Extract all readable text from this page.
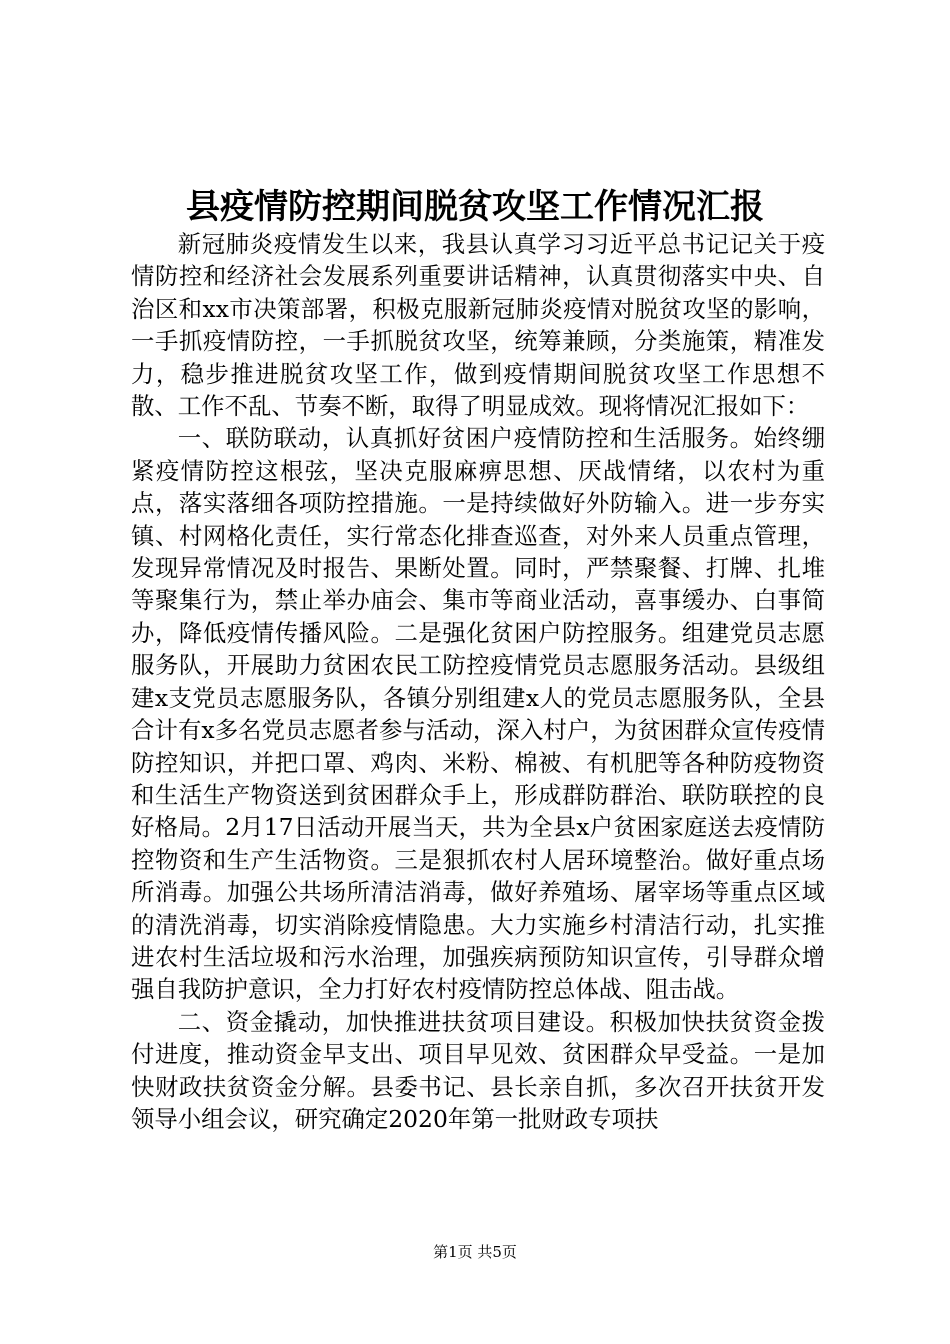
县疫情防控期间脱贫攻坚工作情况汇报

新冠肺炎疫情发生以来，我县认真学习习近平总书记记关于疫情防控和经济社会发展系列重要讲话精神，认真贯彻落实中央、自治区和xx市决策部署，积极克服新冠肺炎疫情对脱贫攻坚的影响，一手抓疫情防控，一手抓脱贫攻坚，统筹兼顾，分类施策，精准发力，稳步推进脱贫攻坚工作，做到疫情期间脱贫攻坚工作思想不散、工作不乱、节奏不断，取得了明显成效。现将情况汇报如下：

一、联防联动，认真抓好贫困户疫情防控和生活服务。始终绷紧疫情防控这根弦，坚决克服麻痹思想、厌战情绪，以农村为重点，落实落细各项防控措施。一是持续做好外防输入。进一步夯实镇、村网格化责任，实行常态化排查巡查，对外来人员重点管理，发现异常情况及时报告、果断处置。同时，严禁聚餐、打牌、扎堆等聚集行为，禁止举办庙会、集市等商业活动，喜事缓办、白事简办，降低疫情传播风险。二是强化贫困户防控服务。组建党员志愿服务队，开展助力贫困农民工防控疫情党员志愿服务活动。县级组建x支党员志愿服务队，各镇分别组建x人的党员志愿服务队，全县合计有x多名党员志愿者参与活动，深入村户，为贫困群众宣传疫情防控知识，并把口罩、鸡肉、米粉、棉被、有机肥等各种防疫物资和生活生产物资送到贫困群众手上，形成群防群治、联防联控的良好格局。2月17日活动开展当天，共为全县x户贫困家庭送去疫情防控物资和生产生活物资。三是狠抓农村人居环境整治。做好重点场所消毒。加强公共场所清洁消毒，做好养殖场、屠宰场等重点区域的清洗消毒，切实消除疫情隐患。大力实施乡村清洁行动，扎实推进农村生活垃圾和污水治理，加强疾病预防知识宣传，引导群众增强自我防护意识，全力打好农村疫情防控总体战、阻击战。

二、资金撬动，加快推进扶贫项目建设。积极加快扶贫资金拨付进度，推动资金早支出、项目早见效、贫困群众早受益。一是加快财政扶贫资金分解。县委书记、县长亲自抓，多次召开扶贫开发领导小组会议，研究确定2020年第一批财政专项扶

第1页 共5页
